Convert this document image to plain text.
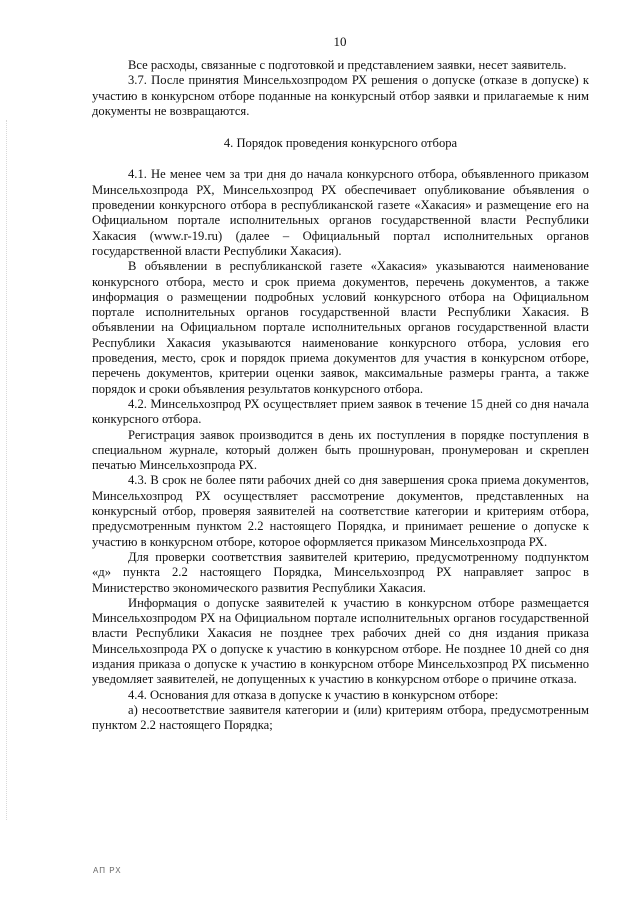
10

Все расходы, связанные с подготовкой и представлением заявки, несет заявитель.

3.7. После принятия Минсельхозпродом РХ решения о допуске (отказе в допуске) к участию в конкурсном отборе поданные на конкурсный отбор заявки и прилагаемые к ним документы не возвращаются.

4. Порядок проведения конкурсного отбора

4.1. Не менее чем за три дня до начала конкурсного отбора, объявленного приказом Минсельхозпрода РХ, Минсельхозпрод РХ обеспечивает опубликование объявления о проведении конкурсного отбора в республиканской газете «Хакасия» и размещение его на Официальном портале исполнительных органов государственной власти Республики Хакасия (www.r-19.ru) (далее – Официальный портал исполнительных органов государственной власти Республики Хакасия).

В объявлении в республиканской газете «Хакасия» указываются наименование конкурсного отбора, место и срок приема документов, перечень документов, а также информация о размещении подробных условий конкурсного отбора на Официальном портале исполнительных органов государственной власти Республики Хакасия. В объявлении на Официальном портале исполнительных органов государственной власти Республики Хакасия указываются наименование конкурсного отбора, условия его проведения, место, срок и порядок приема документов для участия в конкурсном отборе, перечень документов, критерии оценки заявок, максимальные размеры гранта, а также порядок и сроки объявления результатов конкурсного отбора.

4.2. Минсельхозпрод РХ осуществляет прием заявок в течение 15 дней со дня начала конкурсного отбора.

Регистрация заявок производится в день их поступления в порядке поступления в специальном журнале, который должен быть прошнурован, пронумерован и скреплен печатью Минсельхозпрода РХ.

4.3. В срок не более пяти рабочих дней со дня завершения срока приема документов, Минсельхозпрод РХ осуществляет рассмотрение документов, представленных на конкурсный отбор, проверяя заявителей на соответствие категории и критериям отбора, предусмотренным пунктом 2.2 настоящего Порядка, и принимает решение о допуске к участию в конкурсном отборе, которое оформляется приказом Минсельхозпрода РХ.

Для проверки соответствия заявителей критерию, предусмотренному подпунктом «д» пункта 2.2 настоящего Порядка, Минсельхозпрод РХ направляет запрос в Министерство экономического развития Республики Хакасия.

Информация о допуске заявителей к участию в конкурсном отборе размещается Минсельхозпродом РХ на Официальном портале исполнительных органов государственной власти Республики Хакасия не позднее трех рабочих дней со дня издания приказа Минсельхозпрода РХ о допуске к участию в конкурсном отборе. Не позднее 10 дней со дня издания приказа о допуске к участию в конкурсном отборе Минсельхозпрод РХ письменно уведомляет заявителей, не допущенных к участию в конкурсном отборе о причине отказа.

4.4. Основания для отказа в допуске к участию в конкурсном отборе:

а) несоответствие заявителя категории и (или) критериям отбора, предусмотренным пунктом 2.2 настоящего Порядка;

АП РХ
